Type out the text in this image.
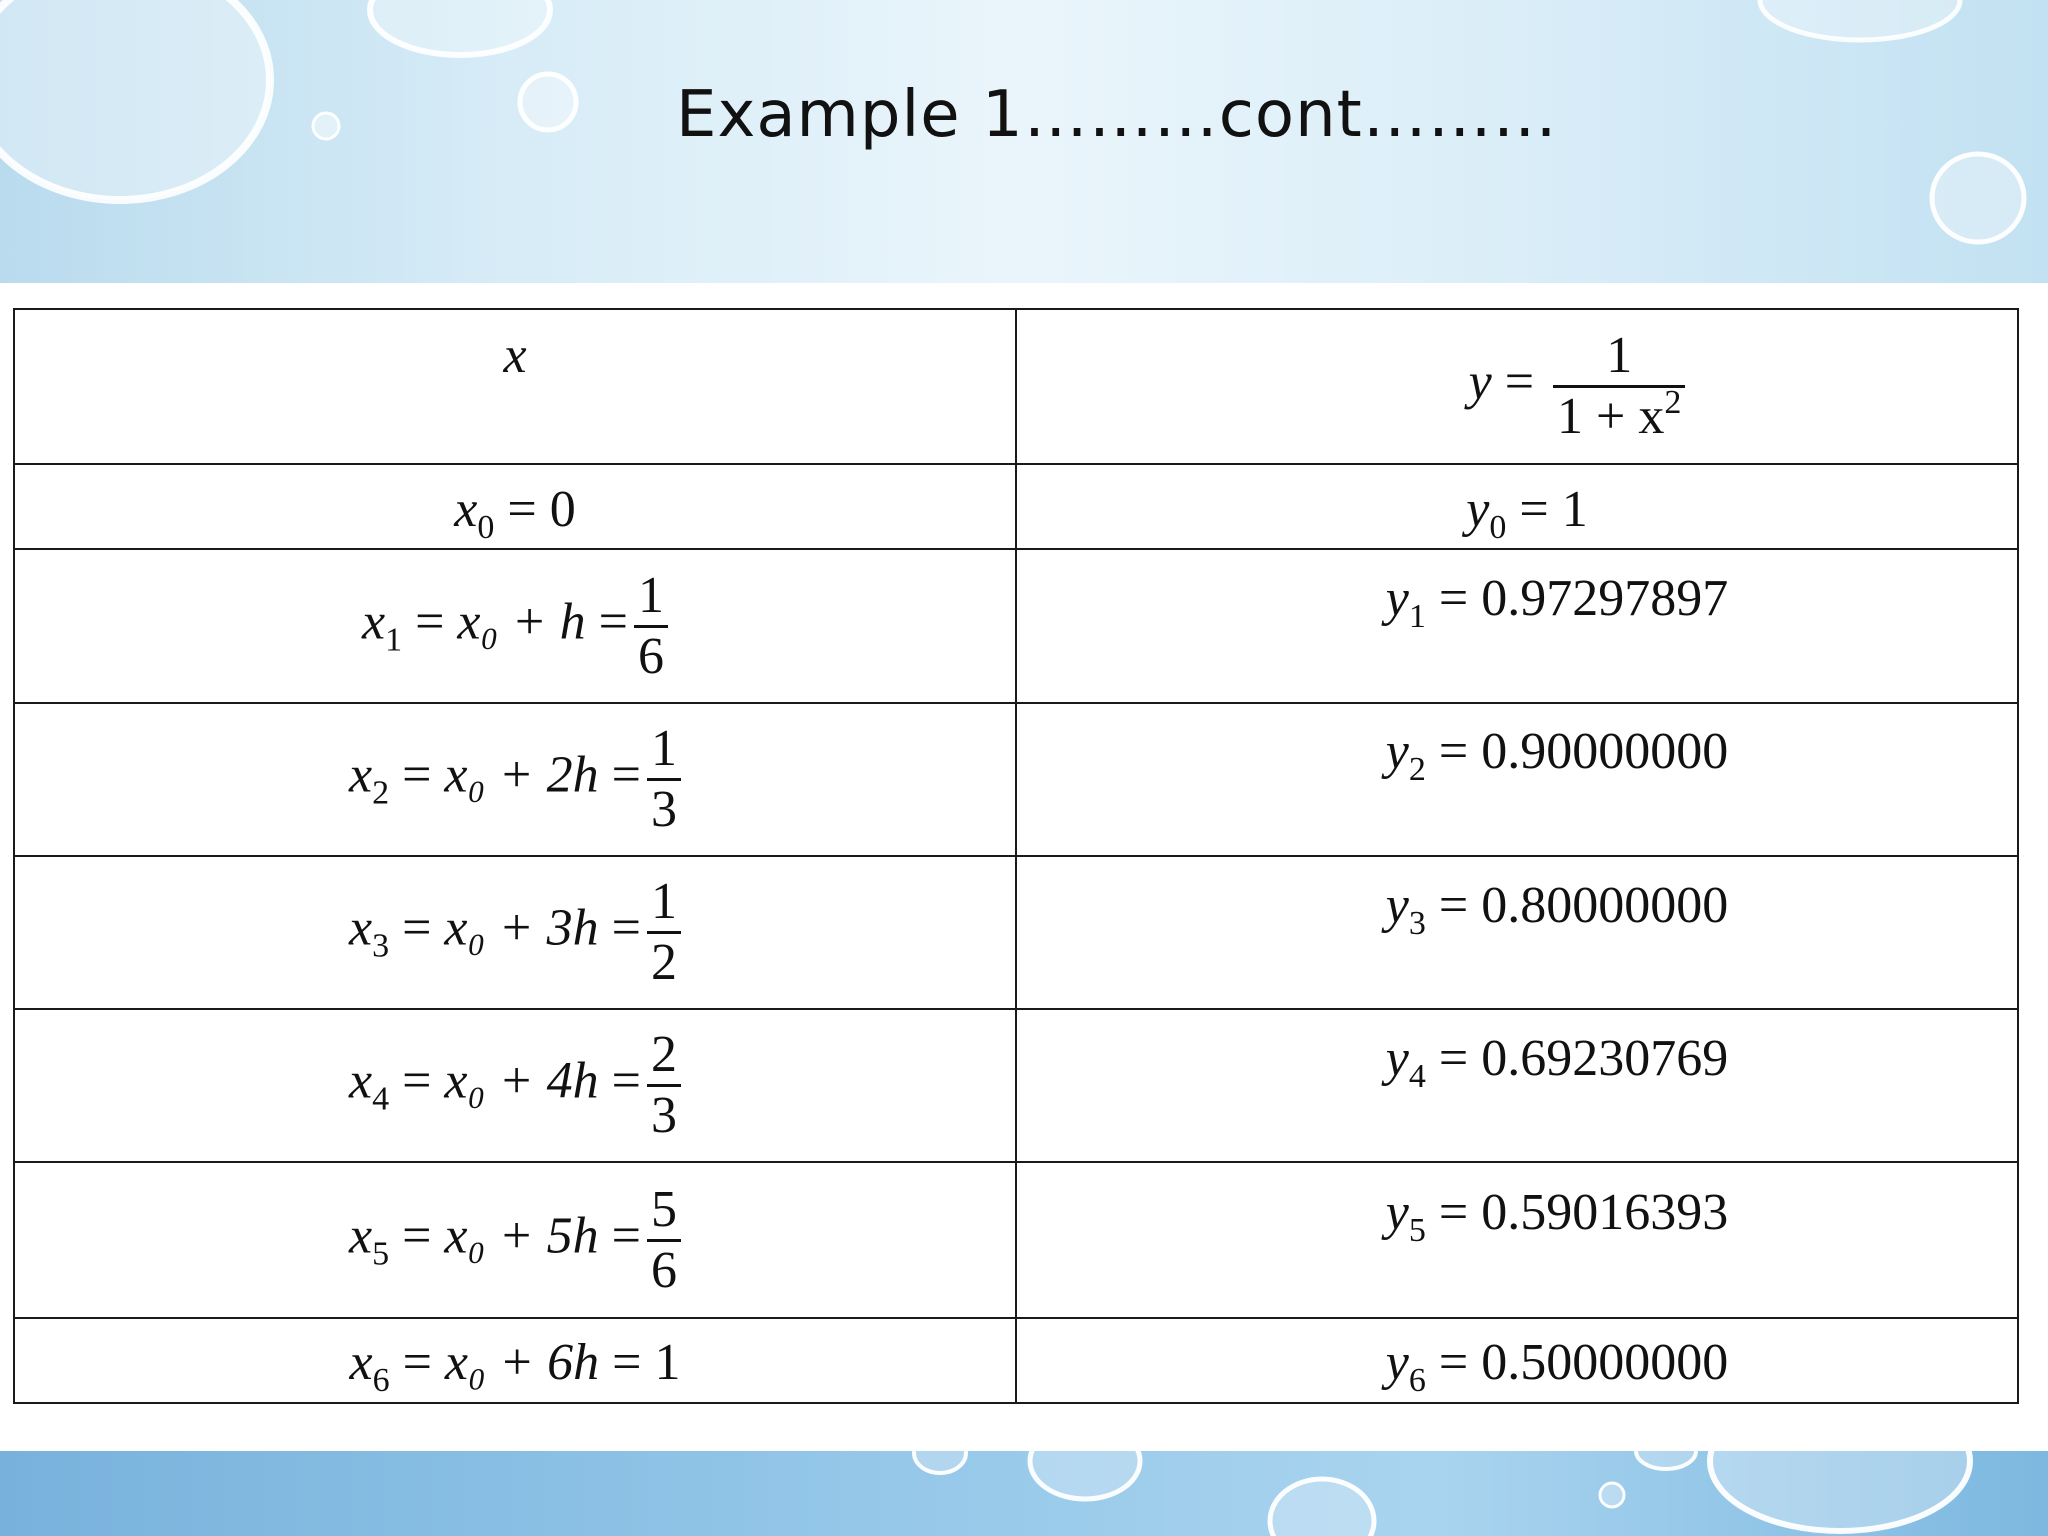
Example 1………cont………
x	$y = \frac{1}{1 + x^2}$

$x_0 = 0$	$y_0 = 1$
$x_1 = x_0 + h = \frac{1}{6}$	$y_1 = 0.97297897$
$x_2 = x_0 + 2h = \frac{1}{3}$	$y_2 = 0.90000000$
$x_3 = x_0 + 3h = \frac{1}{2}$	$y_3 = 0.80000000$
$x_4 = x_0 + 4h = \frac{2}{3}$	$y_4 = 0.69230769$
$x_5 = x_0 + 5h = \frac{5}{6}$	$y_5 = 0.59016393$
$x_6 = x_0 + 6h = 1$	$y_6 = 0.50000000$
